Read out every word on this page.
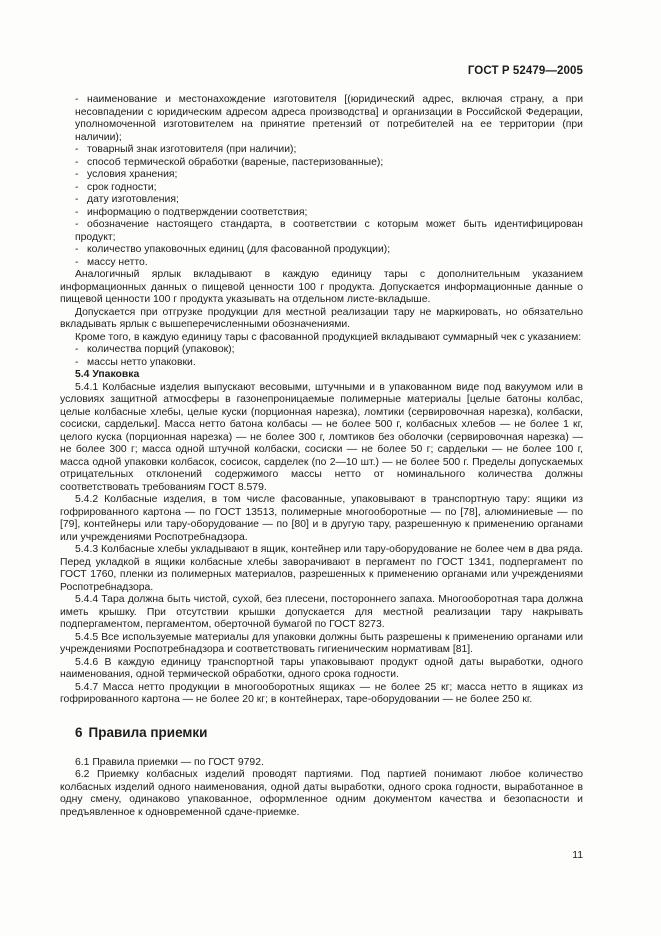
ГОСТ Р 52479—2005

- наименование и местонахождение изготовителя [(юридический адрес, включая страну, а при несовпадении с юридическим адресом адреса производства] и организации в Российской Федерации, уполномоченной изготовителем на принятие претензий от потребителей на ее территории (при наличии);

- товарный знак изготовителя (при наличии);

- способ термической обработки (вареные, пастеризованные);

- условия хранения;

- срок годности;

- дату изготовления;

- информацию о подтверждении соответствия;

- обозначение настоящего стандарта, в соответствии с которым может быть идентифицирован продукт;

- количество упаковочных единиц (для фасованной продукции);

- массу нетто.

Аналогичный ярлык вкладывают в каждую единицу тары с дополнительным указанием информационных данных о пищевой ценности 100 г продукта. Допускается информационные данные о пищевой ценности 100 г продукта указывать на отдельном листе-вкладыше.

Допускается при отгрузке продукции для местной реализации тару не маркировать, но обязательно вкладывать ярлык с вышеперечисленными обозначениями.

Кроме того, в каждую единицу тары с фасованной продукцией вкладывают суммарный чек с указанием:

- количества порций (упаковок);

- массы нетто упаковки.

5.4 Упаковка

5.4.1 Колбасные изделия выпускают весовыми, штучными и в упакованном виде под вакуумом или в условиях защитной атмосферы в газонепроницаемые полимерные материалы [целые батоны колбас, целые колбасные хлебы, целые куски (порционная нарезка), ломтики (сервировочная нарезка), колбаски, сосиски, сардельки]. Масса нетто батона колбасы — не более 500 г, колбасных хлебов — не более 1 кг, целого куска (порционная нарезка) — не более 300 г, ломтиков без оболочки (сервировочная нарезка) — не более 300 г; масса одной штучной колбаски, сосиски — не более 50 г; сардельки — не более 100 г, масса одной упаковки колбасок, сосисок, сарделек (по 2—10 шт.) — не более 500 г. Пределы допускаемых отрицательных отклонений содержимого массы нетто от номинального количества должны соответствовать требованиям ГОСТ 8.579.

5.4.2 Колбасные изделия, в том числе фасованные, упаковывают в транспортную тару: ящики из гофрированного картона — по ГОСТ 13513, полимерные многооборотные — по [78], алюминиевые — по [79], контейнеры или тару-оборудование — по [80] и в другую тару, разрешенную к применению органами или учреждениями Роспотребнадзора.

5.4.3 Колбасные хлебы укладывают в ящик, контейнер или тару-оборудование не более чем в два ряда. Перед укладкой в ящики колбасные хлебы заворачивают в пергамент по ГОСТ 1341, подпергамент по ГОСТ 1760, пленки из полимерных материалов, разрешенных к применению органами или учреждениями Роспотребнадзора.

5.4.4 Тара должна быть чистой, сухой, без плесени, постороннего запаха. Многооборотная тара должна иметь крышку. При отсутствии крышки допускается для местной реализации тару накрывать подпергаментом, пергаментом, оберточной бумагой по ГОСТ 8273.

5.4.5 Все используемые материалы для упаковки должны быть разрешены к применению органами или учреждениями Роспотребнадзора и соответствовать гигиеническим нормативам [81].

5.4.6 В каждую единицу транспортной тары упаковывают продукт одной даты выработки, одного наименования, одной термической обработки, одного срока годности.

5.4.7 Масса нетто продукции в многооборотных ящиках — не более 25 кг; масса нетто в ящиках из гофрированного картона — не более 20 кг; в контейнерах, таре-оборудовании — не более 250 кг.

6 Правила приемки

6.1 Правила приемки — по ГОСТ 9792.

6.2 Приемку колбасных изделий проводят партиями. Под партией понимают любое количество колбасных изделий одного наименования, одной даты выработки, одного срока годности, выработанное в одну смену, одинаково упакованное, оформленное одним документом качества и безопасности и предъявленное к одновременной сдаче-приемке.

11
